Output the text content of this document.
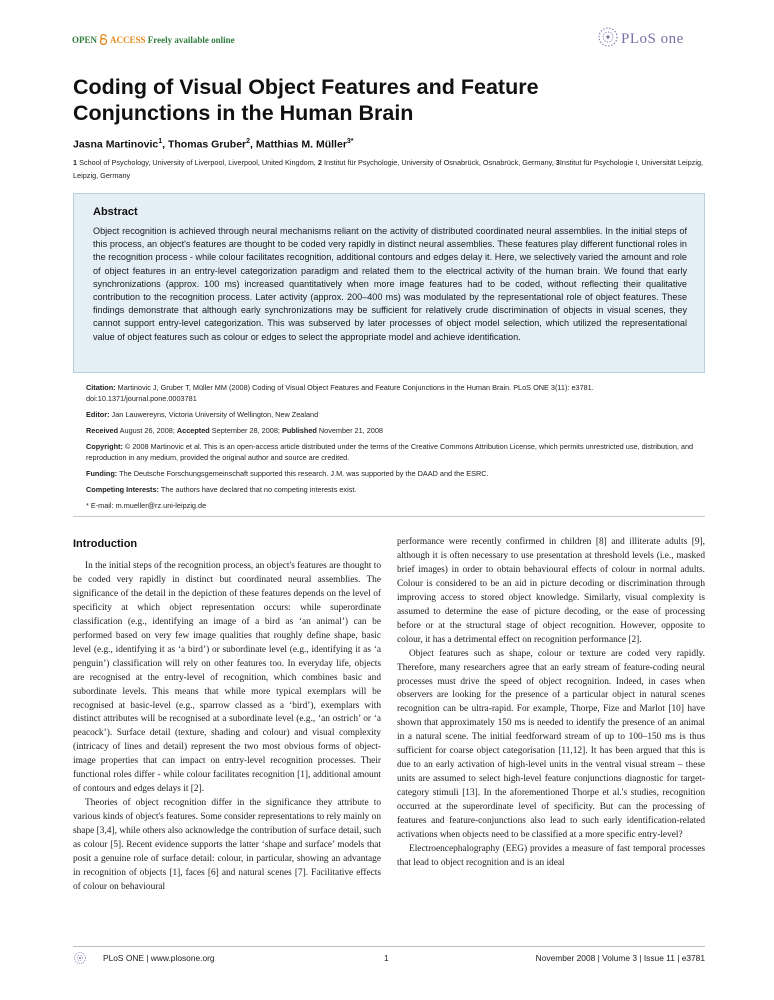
OPEN ACCESS Freely available online	PLoS one
Coding of Visual Object Features and Feature Conjunctions in the Human Brain
Jasna Martinovic$^1$, Thomas Gruber$^2$, Matthias M. Müller$^{3*}$
1 School of Psychology, University of Liverpool, Liverpool, United Kingdom, 2 Institut für Psychologie, University of Osnabrück, Osnabrück, Germany, 3Institut für Psychologie I, Universität Leipzig, Leipzig, Germany
Abstract
Object recognition is achieved through neural mechanisms reliant on the activity of distributed coordinated neural assemblies. In the initial steps of this process, an object's features are thought to be coded very rapidly in distinct neural assemblies. These features play different functional roles in the recognition process - while colour facilitates recognition, additional contours and edges delay it. Here, we selectively varied the amount and role of object features in an entry-level categorization paradigm and related them to the electrical activity of the human brain. We found that early synchronizations (approx. 100 ms) increased quantitatively when more image features had to be coded, without reflecting their qualitative contribution to the recognition process. Later activity (approx. 200–400 ms) was modulated by the representational role of object features. These findings demonstrate that although early synchronizations may be sufficient for relatively crude discrimination of objects in visual scenes, they cannot support entry-level categorization. This was subserved by later processes of object model selection, which utilized the representational value of object features such as colour or edges to select the appropriate model and achieve identification.

Citation: Martinovic J, Gruber T, Müller MM (2008) Coding of Visual Object Features and Feature Conjunctions in the Human Brain. PLoS ONE 3(11): e3781. doi:10.1371/journal.pone.0003781

Editor: Jan Lauwereyns, Victoria University of Wellington, New Zealand

Received August 26, 2008; Accepted September 28, 2008; Published November 21, 2008

Copyright: © 2008 Martinovic et al. This is an open-access article distributed under the terms of the Creative Commons Attribution License, which permits unrestricted use, distribution, and reproduction in any medium, provided the original author and source are credited.

Funding: The Deutsche Forschungsgemeinschaft supported this research. J.M. was supported by the DAAD and the ESRC.

Competing Interests: The authors have declared that no competing interests exist.

* E-mail: m.mueller@rz.uni-leipzig.de

Introduction

In the initial steps of the recognition process, an object's features are thought to be coded very rapidly in distinct but coordinated neural assemblies. The significance of the detail in the depiction of these features depends on the level of specificity at which object representation occurs: while superordinate classification (e.g., identifying an image of a bird as ‘an animal’) can be performed based on very few image qualities that roughly define shape, basic level (e.g., identifying it as ‘a bird’) or subordinate level (e.g., identifying it as ‘a penguin’) classification will rely on other features too. In everyday life, objects are recognised at the entry-level of recognition, which combines basic and subordinate levels. This means that while more typical exemplars will be recognised at basic-level (e.g., sparrow classed as a ‘bird’), exemplars with distinct attributes will be recognised at a subordinate level (e.g., ‘an ostrich’ or ‘a peacock’). Surface detail (texture, shading and colour) and visual complexity (intricacy of lines and detail) represent the two most obvious forms of object-image properties that can impact on entry-level recognition processes. Their functional roles differ - while colour facilitates recognition [1], additional amount of contours and edges delays it [2].

Theories of object recognition differ in the significance they attribute to various kinds of object's features. Some consider representations to rely mainly on shape [3,4], while others also acknowledge the contribution of surface detail, such as colour [5]. Recent evidence supports the latter ‘shape and surface’ models that posit a genuine role of surface detail: colour, in particular, showing an advantage in recognition of objects [1], faces [6] and natural scenes [7]. Facilitative effects of colour on behavioural

performance were recently confirmed in children [8] and illiterate adults [9], although it is often necessary to use presentation at threshold levels (i.e., masked brief images) in order to obtain behavioural effects of colour in normal adults. Colour is considered to be an aid in picture decoding or discrimination through improving access to stored object knowledge. Similarly, visual complexity is assumed to determine the ease of picture decoding, or the ease of processing before or at the structural stage of object recognition. However, opposite to colour, it has a detrimental effect on recognition performance [2].

Object features such as shape, colour or texture are coded very rapidly. Therefore, many researchers agree that an early stream of feature-coding neural processes must drive the speed of object recognition. Indeed, in cases when observers are looking for the presence of a particular object in natural scenes recognition can be ultra-rapid. For example, Thorpe, Fize and Marlot [10] have shown that approximately 150 ms is needed to identify the presence of an animal in a natural scene. The initial feedforward stream of up to 100–150 ms is thus sufficient for coarse object categorisation [11,12]. It has been argued that this is due to an early activation of high-level units in the ventral visual stream – these units are assumed to select high-level feature conjunctions diagnostic for target-category stimuli [13]. In the aforementioned Thorpe et al.'s studies, recognition occurred at the superordinate level of specificity. But can the processing of features and feature-conjunctions also lead to such early identification-related activations when objects need to be classified at a more specific entry-level?

Electroencephalography (EEG) provides a measure of fast temporal processes that lead to object recognition and is an ideal

PLoS ONE | www.plosone.org	1	November 2008 | Volume 3 | Issue 11 | e3781
